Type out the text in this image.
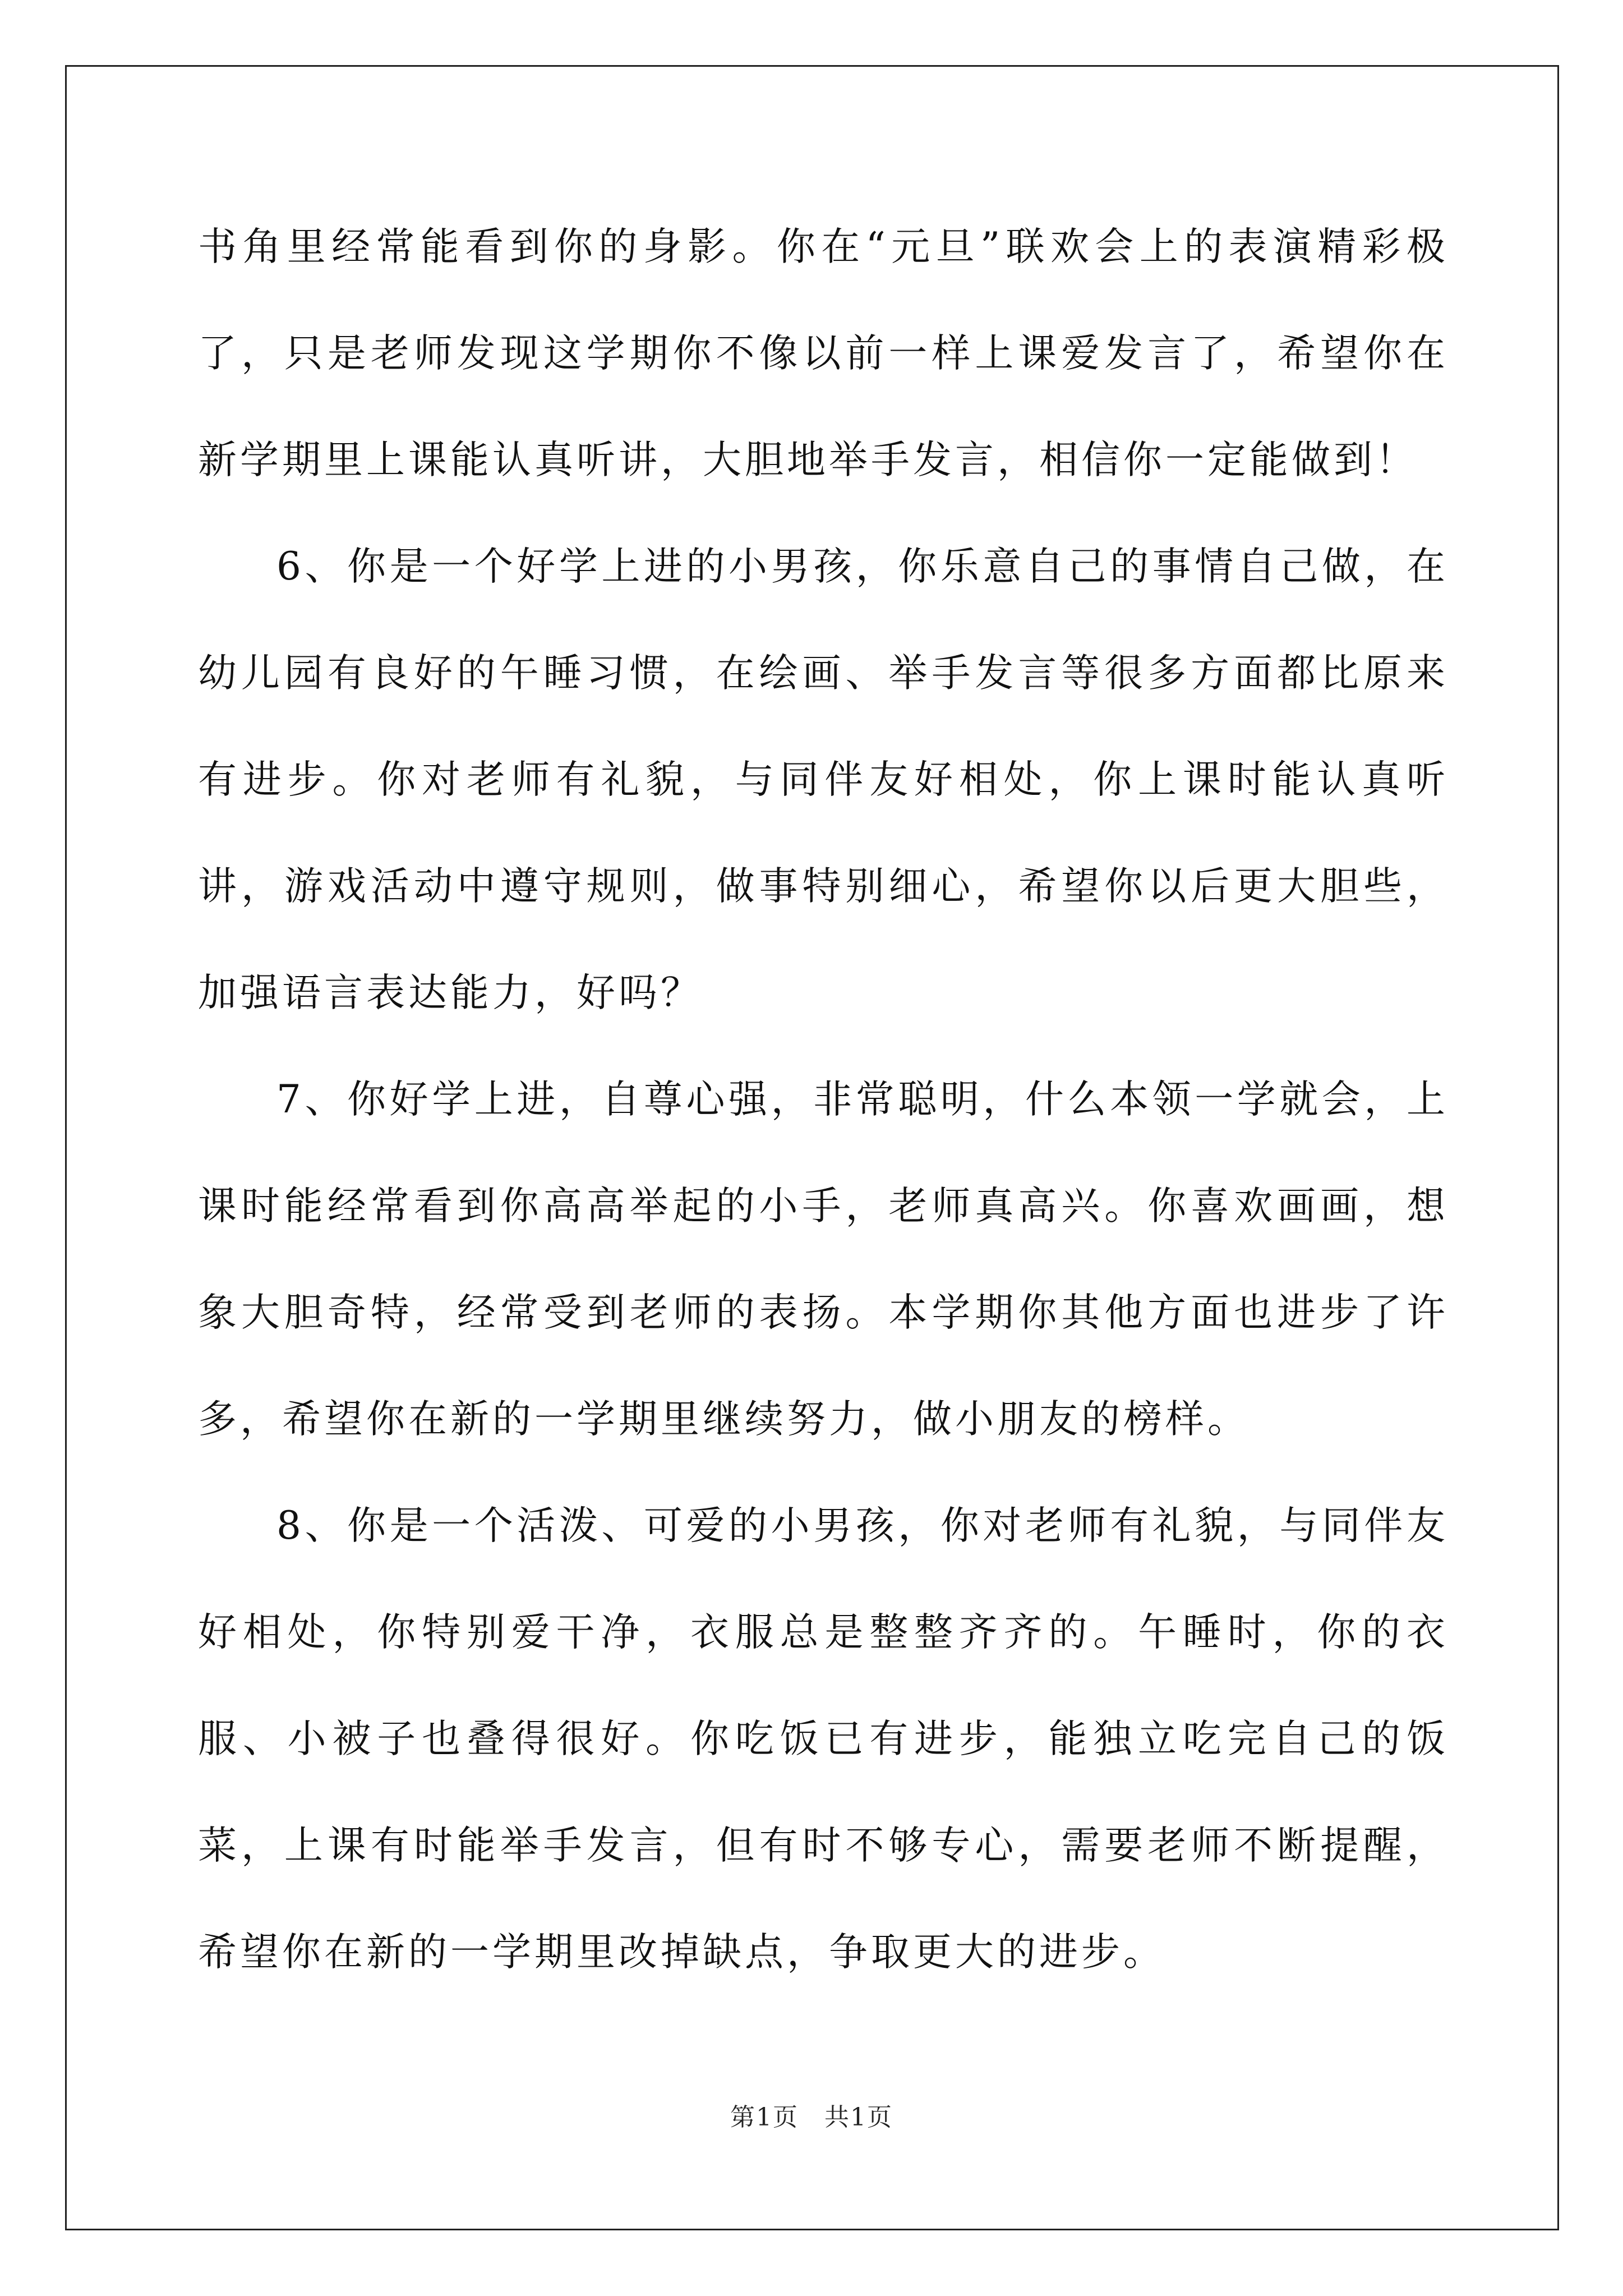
书角里经常能看到你的身影。你在“元旦”联欢会上的表演精彩极了，只是老师发现这学期你不像以前一样上课爱发言了，希望你在新学期里上课能认真听讲，大胆地举手发言，相信你一定能做到！

6、你是一个好学上进的小男孩，你乐意自己的事情自己做，在幼儿园有良好的午睡习惯，在绘画、举手发言等很多方面都比原来有进步。你对老师有礼貌，与同伴友好相处，你上课时能认真听讲，游戏活动中遵守规则，做事特别细心，希望你以后更大胆些，加强语言表达能力，好吗？

7、你好学上进，自尊心强，非常聪明，什么本领一学就会，上课时能经常看到你高高举起的小手，老师真高兴。你喜欢画画，想象大胆奇特，经常受到老师的表扬。本学期你其他方面也进步了许多，希望你在新的一学期里继续努力，做小朋友的榜样。

8、你是一个活泼、可爱的小男孩，你对老师有礼貌，与同伴友好相处，你特别爱干净，衣服总是整整齐齐的。午睡时，你的衣服、小被子也叠得很好。你吃饭已有进步，能独立吃完自己的饭菜，上课有时能举手发言，但有时不够专心，需要老师不断提醒，希望你在新的一学期里改掉缺点，争取更大的进步。

第1页　共1页
